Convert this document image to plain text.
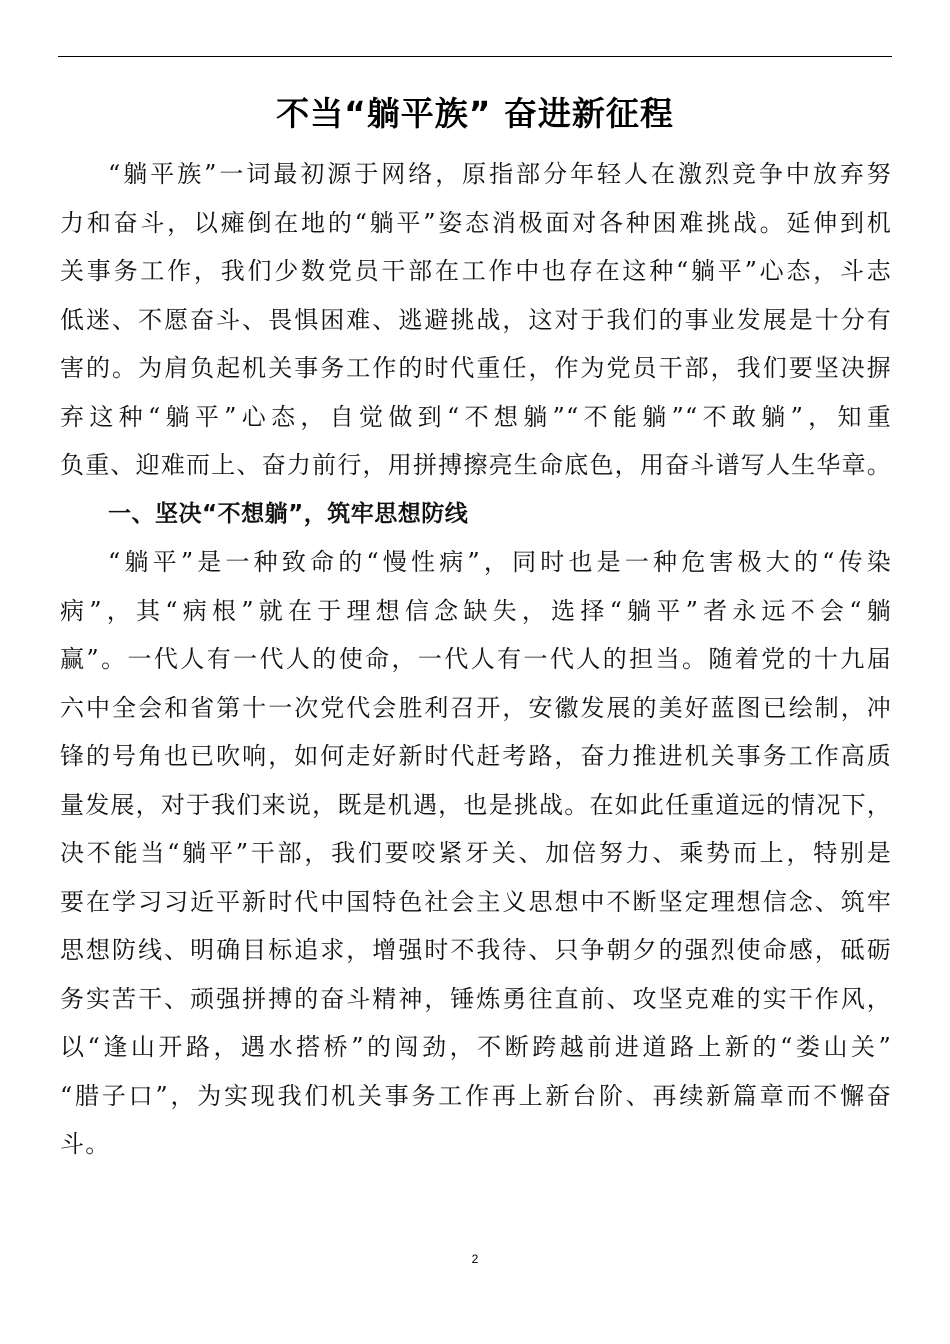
不当“躺平族” 奋进新征程
“躺平族”一词最初源于网络，原指部分年轻人在激烈竞争中放弃努
力和奋斗，以瘫倒在地的“躺平”姿态消极面对各种困难挑战。延伸到机
关事务工作，我们少数党员干部在工作中也存在这种“躺平”心态，斗志
低迷、不愿奋斗、畏惧困难、逃避挑战，这对于我们的事业发展是十分有
害的。为肩负起机关事务工作的时代重任，作为党员干部，我们要坚决摒
弃这种“躺平”心态，自觉做到“不想躺”“不能躺”“不敢躺”，知重
负重、迎难而上、奋力前行，用拼搏擦亮生命底色，用奋斗谱写人生华章。
一、坚决“不想躺”，筑牢思想防线
“躺平”是一种致命的“慢性病”，同时也是一种危害极大的“传染
病”，其“病根”就在于理想信念缺失，选择“躺平”者永远不会“躺
赢”。一代人有一代人的使命，一代人有一代人的担当。随着党的十九届
六中全会和省第十一次党代会胜利召开，安徽发展的美好蓝图已绘制，冲
锋的号角也已吹响，如何走好新时代赶考路，奋力推进机关事务工作高质
量发展，对于我们来说，既是机遇，也是挑战。在如此任重道远的情况下，
决不能当“躺平”干部，我们要咬紧牙关、加倍努力、乘势而上，特别是
要在学习习近平新时代中国特色社会主义思想中不断坚定理想信念、筑牢
思想防线、明确目标追求，增强时不我待、只争朝夕的强烈使命感，砥砺
务实苦干、顽强拼搏的奋斗精神，锤炼勇往直前、攻坚克难的实干作风，
以“逢山开路，遇水搭桥”的闯劲，不断跨越前进道路上新的“娄山关”
“腊子口”，为实现我们机关事务工作再上新台阶、再续新篇章而不懈奋
斗。
2
